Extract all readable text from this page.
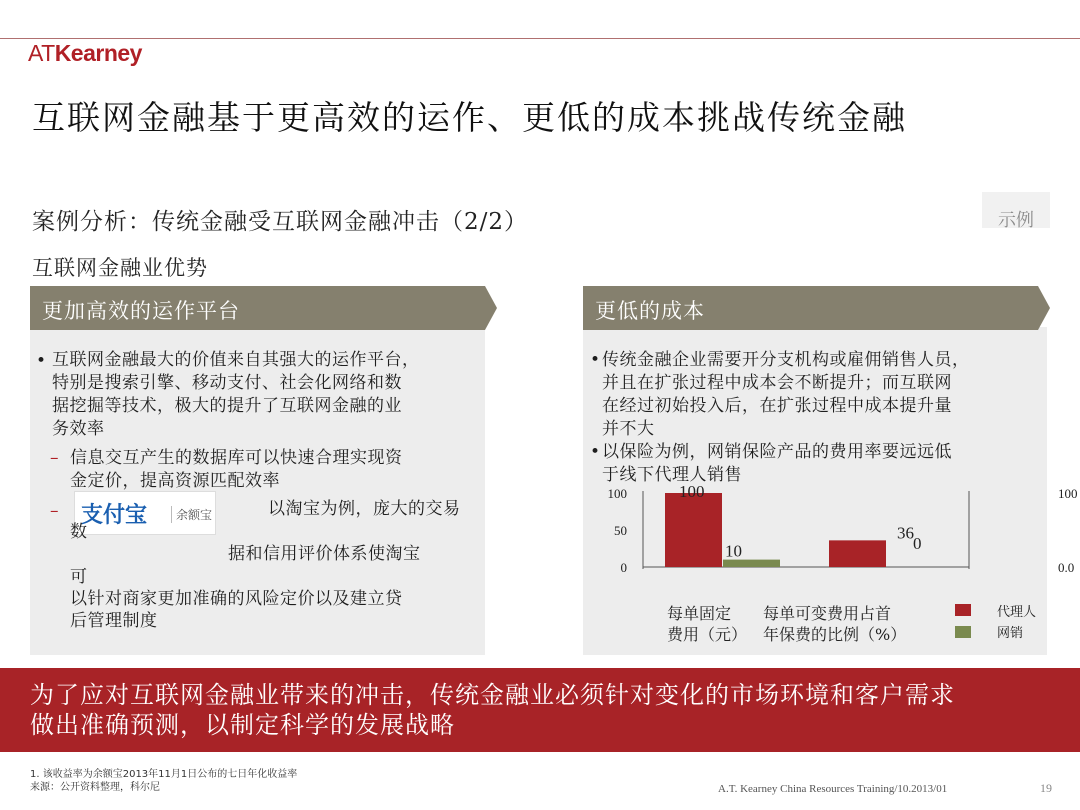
ATKearney
互联网金融基于更高效的运作、更低的成本挑战传统金融
案例分析：传统金融受互联网金融冲击（2/2）	示例
互联网金融业优势
更加高效的运作平台
• 互联网金融最大的价值来自其强大的运作平台，
特别是搜索引擎、移动支付、社会化网络和数
据挖掘等技术，极大的提升了互联网金融的业
务效率
– 信息交互产生的数据库可以快速合理实现资
金定价，提高资源匹配效率
– 支付宝	余额宝	以淘宝为例，庞大的交易
数
据和信用评价体系使淘宝
可
以针对商家更加准确的风险定价以及建立贷
后管理制度
更低的成本
• 传统金融企业需要开分支机构或雇佣销售人员，
并且在扩张过程中成本会不断提升；而互联网
在经过初始投入后，在扩张过程中成本提升量
并不大
• 以保险为例，网销保险产品的费用率要远远低
于线下代理人销售
100
50
0
100
0.0
100
10
36
0
每单固定
费用（元）
每单可变费用占首
年保费的比例（%）
代理人
网销
为了应对互联网金融业带来的冲击，传统金融业必须针对变化的市场环境和客户需求
做出准确预测，以制定科学的发展战略
1. 该收益率为余额宝2013年11月1日公布的七日年化收益率
来源：公开资料整理，科尔尼	A.T. Kearney China Resources Training/10.2013/01	19
